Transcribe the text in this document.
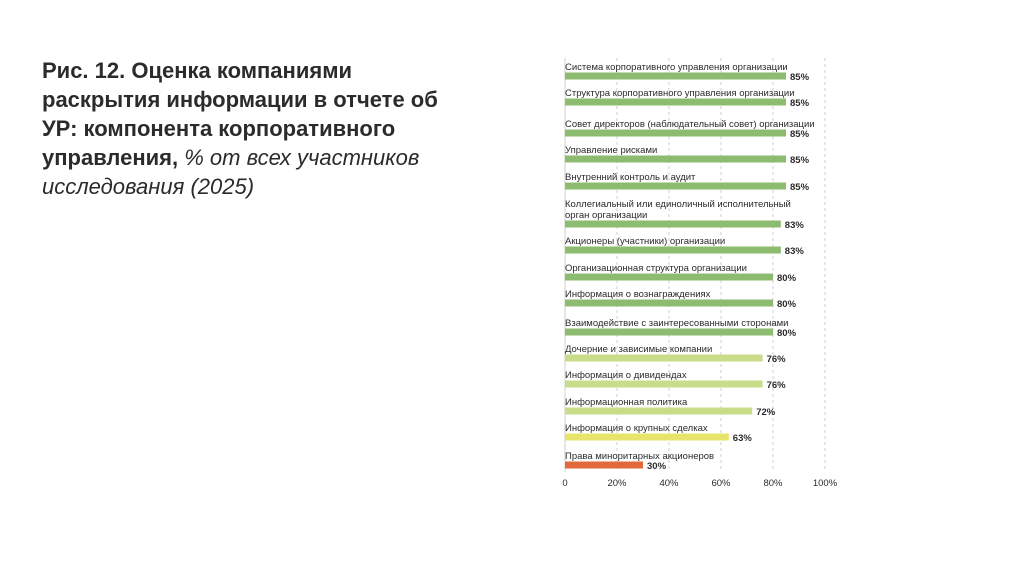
Рис. 12. Оценка компаниями раскрытия информации в отчете об УР: компонента корпоративного управления, % от всех участников исследования (2025)
Система корпоративного управления организации
85%
Структура корпоративного управления организации
85%
Совет директоров (наблюдательный совет) организации
85%
Управление рисками
85%
Внутренний контроль и аудит
85%
Коллегиальный или единоличный исполнительный
орган организации
83%
Акционеры (участники) организации
83%
Организационная структура организации
80%
Информация о вознаграждениях
80%
Взаимодействие с заинтересованными сторонами
80%
Дочерние и зависимые компании
76%
Информация о дивидендах
76%
Информационная политика
72%
Информация о крупных сделках
63%
Права миноритарных акционеров
30%
0	20%	40%	60%	80%	100%
